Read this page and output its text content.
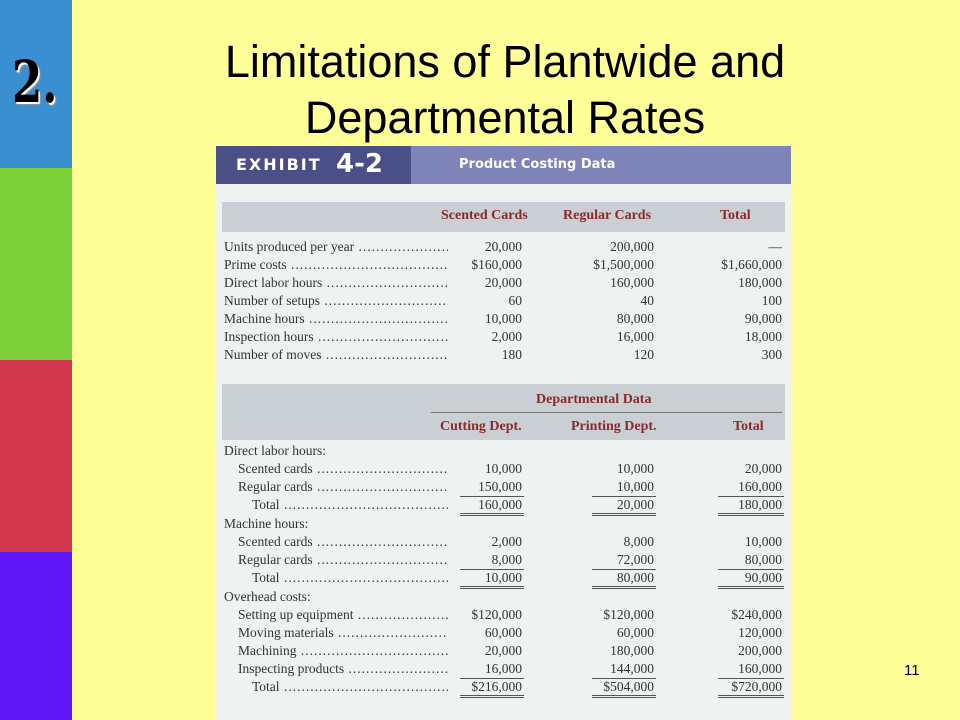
2.	Limitations of Plantwide and
Departmental Rates
EXHIBIT 4-2	Product Costing Data
Scented Cards	Regular Cards	Total
Units produced per year .....	20,000	200,000	—
Prime costs .....	$160,000	$1,500,000	$1,660,000
Direct labor hours .....	20,000	160,000	180,000
Number of setups .....	60	40	100
Machine hours .....	10,000	80,000	90,000
Inspection hours .....	2,000	16,000	18,000
Number of moves .....	180	120	300
Departmental Data
Cutting Dept.	Printing Dept.	Total
Direct labor hours:
Scented cards .....	10,000	10,000	20,000
Regular cards .....	150,000	10,000	160,000
Total .....	160,000	20,000	180,000
Machine hours:
Scented cards .....	2,000	8,000	10,000
Regular cards .....	8,000	72,000	80,000
Total .....	10,000	80,000	90,000
Overhead costs:
Setting up equipment .....	$120,000	$120,000	$240,000
Moving materials .....	60,000	60,000	120,000
Machining .....	20,000	180,000	200,000
Inspecting products .....	16,000	144,000	160,000
Total .....	$216,000	$504,000	$720,000
11
